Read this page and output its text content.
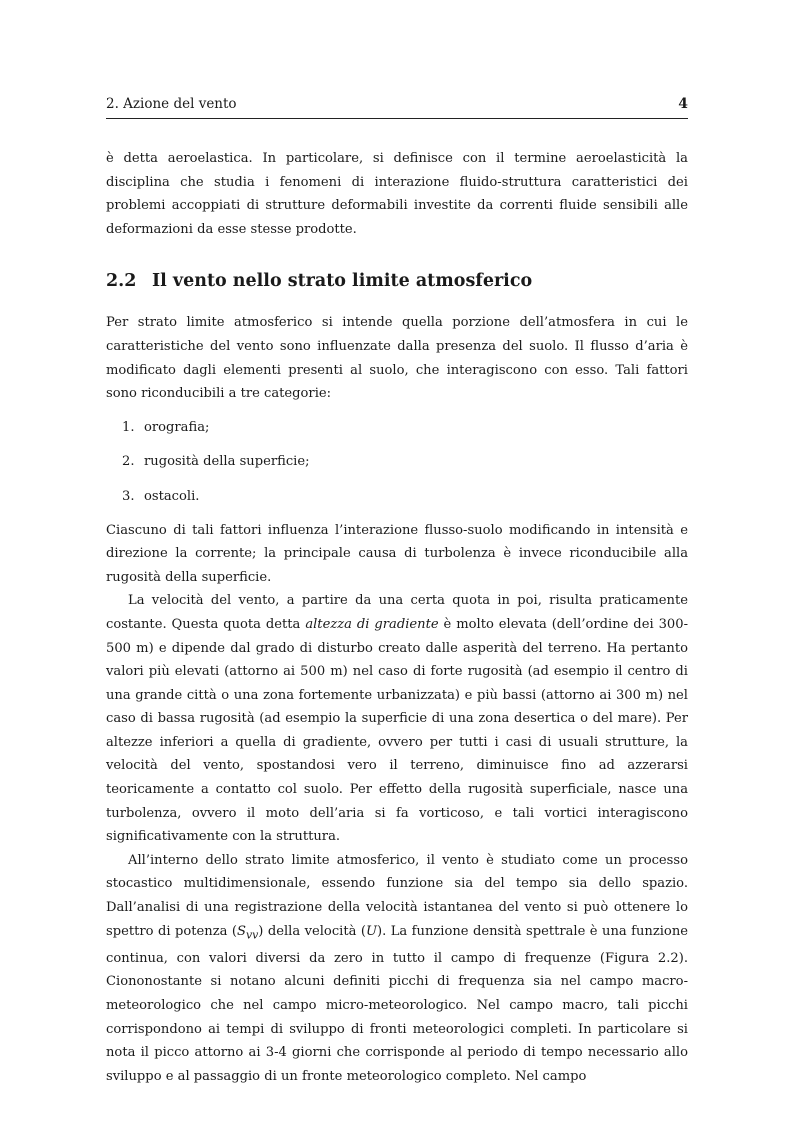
2. Azione del vento	4

è detta aeroelastica. In particolare, si definisce con il termine aeroelasticità la disciplina che studia i fenomeni di interazione fluido-struttura caratteristici dei problemi accoppiati di strutture deformabili investite da correnti fluide sensibili alle deformazioni da esse stesse prodotte.

2.2 Il vento nello strato limite atmosferico

Per strato limite atmosferico si intende quella porzione dell’atmosfera in cui le caratteristiche del vento sono influenzate dalla presenza del suolo. Il flusso d’aria è modificato dagli elementi presenti al suolo, che interagiscono con esso. Tali fattori sono riconducibili a tre categorie:

1. orografia;
2. rugosità della superficie;
3. ostacoli.

Ciascuno di tali fattori influenza l’interazione flusso-suolo modificando in intensità e direzione la corrente; la principale causa di turbolenza è invece riconducibile alla rugosità della superficie.

La velocità del vento, a partire da una certa quota in poi, risulta praticamente costante. Questa quota detta altezza di gradiente è molto elevata (dell’ordine dei 300-500 m) e dipende dal grado di disturbo creato dalle asperità del terreno. Ha pertanto valori più elevati (attorno ai 500 m) nel caso di forte rugosità (ad esempio il centro di una grande città o una zona fortemente urbanizzata) e più bassi (attorno ai 300 m) nel caso di bassa rugosità (ad esempio la superficie di una zona desertica o del mare). Per altezze inferiori a quella di gradiente, ovvero per tutti i casi di usuali strutture, la velocità del vento, spostandosi vero il terreno, diminuisce fino ad azzerarsi teoricamente a contatto col suolo. Per effetto della rugosità superficiale, nasce una turbolenza, ovvero il moto dell’aria si fa vorticoso, e tali vortici interagiscono significativamente con la struttura.

All’interno dello strato limite atmosferico, il vento è studiato come un processo stocastico multidimensionale, essendo funzione sia del tempo sia dello spazio. Dall’analisi di una registrazione della velocità istantanea del vento si può ottenere lo spettro di potenza $(S_{vv})$ della velocità (U). La funzione densità spettrale è una funzione continua, con valori diversi da zero in tutto il campo di frequenze (Figura 2.2). Ciononostante si notano alcuni definiti picchi di frequenza sia nel campo macro-meteorologico che nel campo micro-meteorologico. Nel campo macro, tali picchi corrispondono ai tempi di sviluppo di fronti meteorologici completi. In particolare si nota il picco attorno ai 3-4 giorni che corrisponde al periodo di tempo necessario allo sviluppo e al passaggio di un fronte meteorologico completo. Nel campo
